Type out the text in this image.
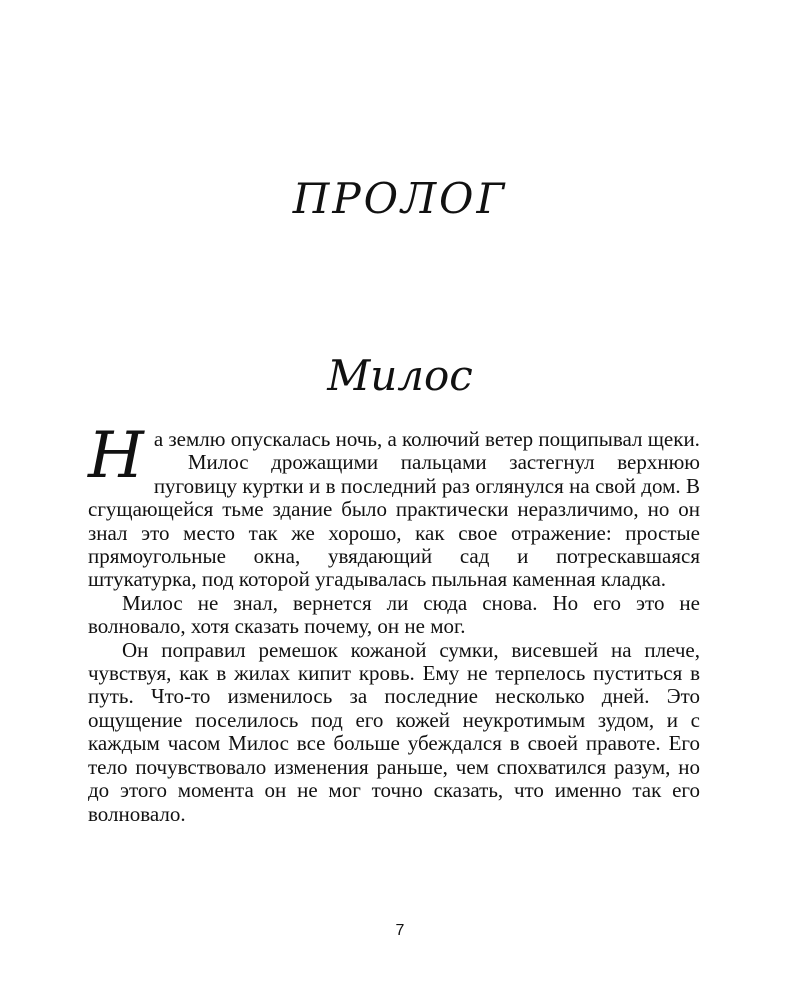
ПРОЛОГ
Милос

На землю опускалась ночь, а колючий ветер пощипывал щеки.

Милос дрожащими пальцами застегнул верхнюю пуговицу куртки и в последний раз оглянулся на свой дом. В сгущающейся тьме здание было практически неразличимо, но он знал это место так же хорошо, как свое отражение: простые прямоугольные окна, увядающий сад и потрескавшаяся штукатурка, под которой угадывалась пыльная каменная кладка.

Милос не знал, вернется ли сюда снова. Но его это не волновало, хотя сказать почему, он не мог.

Он поправил ремешок кожаной сумки, висевшей на плече, чувствуя, как в жилах кипит кровь. Ему не терпелось пуститься в путь. Что-то изменилось за последние несколько дней. Это ощущение поселилось под его кожей неукротимым зудом, и с каждым часом Милос все больше убеждался в своей правоте. Его тело почувствовало изменения раньше, чем спохватился разум, но до этого момента он не мог точно сказать, что именно так его волновало.

7
